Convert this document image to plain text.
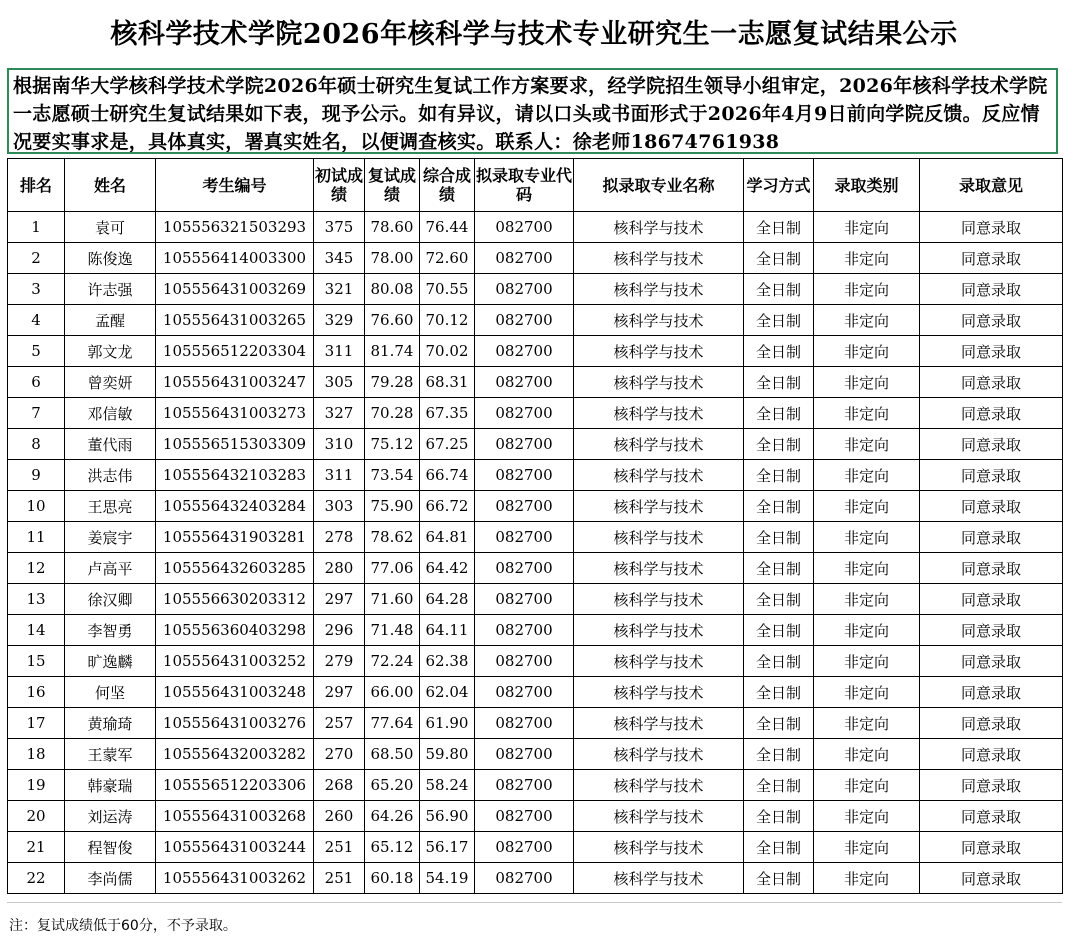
核科学技术学院2026年核科学与技术专业研究生一志愿复试结果公示
根据南华大学核科学技术学院2026年硕士研究生复试工作方案要求，经学院招生领导小组审定，2026年核科学技术学院一志愿硕士研究生复试结果如下表，现予公示。如有异议，请以口头或书面形式于2026年4月9日前向学院反馈。反应情况要实事求是，具体真实，署真实姓名，以便调查核实。联系人：徐老师18674761938
排名	姓名	考生编号	初试成绩	复试成绩	综合成绩	拟录取专业代码	拟录取专业名称	学习方式	录取类别	录取意见
1	袁可	105556321503293	375	78.60	76.44	082700	核科学与技术	全日制	非定向	同意录取
2	陈俊逸	105556414003300	345	78.00	72.60	082700	核科学与技术	全日制	非定向	同意录取
3	许志强	105556431003269	321	80.08	70.55	082700	核科学与技术	全日制	非定向	同意录取
4	孟醒	105556431003265	329	76.60	70.12	082700	核科学与技术	全日制	非定向	同意录取
5	郭文龙	105556512203304	311	81.74	70.02	082700	核科学与技术	全日制	非定向	同意录取
6	曾奕妍	105556431003247	305	79.28	68.31	082700	核科学与技术	全日制	非定向	同意录取
7	邓信敏	105556431003273	327	70.28	67.35	082700	核科学与技术	全日制	非定向	同意录取
8	董代雨	105556515303309	310	75.12	67.25	082700	核科学与技术	全日制	非定向	同意录取
9	洪志伟	105556432103283	311	73.54	66.74	082700	核科学与技术	全日制	非定向	同意录取
10	王思亮	105556432403284	303	75.90	66.72	082700	核科学与技术	全日制	非定向	同意录取
11	姜宸宇	105556431903281	278	78.62	64.81	082700	核科学与技术	全日制	非定向	同意录取
12	卢高平	105556432603285	280	77.06	64.42	082700	核科学与技术	全日制	非定向	同意录取
13	徐汉卿	105556630203312	297	71.60	64.28	082700	核科学与技术	全日制	非定向	同意录取
14	李智勇	105556360403298	296	71.48	64.11	082700	核科学与技术	全日制	非定向	同意录取
15	旷逸麟	105556431003252	279	72.24	62.38	082700	核科学与技术	全日制	非定向	同意录取
16	何坚	105556431003248	297	66.00	62.04	082700	核科学与技术	全日制	非定向	同意录取
17	黄瑜琦	105556431003276	257	77.64	61.90	082700	核科学与技术	全日制	非定向	同意录取
18	王蒙军	105556432003282	270	68.50	59.80	082700	核科学与技术	全日制	非定向	同意录取
19	韩豪瑞	105556512203306	268	65.20	58.24	082700	核科学与技术	全日制	非定向	同意录取
20	刘运涛	105556431003268	260	64.26	56.90	082700	核科学与技术	全日制	非定向	同意录取
21	程智俊	105556431003244	251	65.12	56.17	082700	核科学与技术	全日制	非定向	同意录取
22	李尚儒	105556431003262	251	60.18	54.19	082700	核科学与技术	全日制	非定向	同意录取
注：复试成绩低于60分，不予录取。
